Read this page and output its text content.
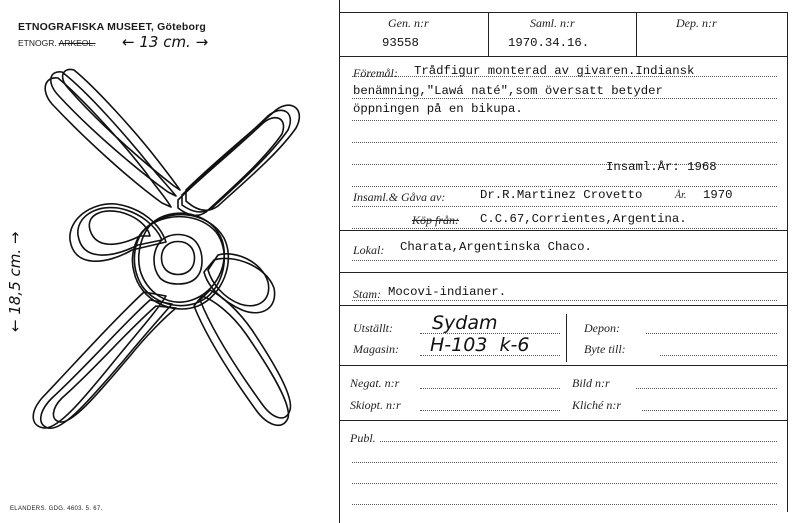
ETNOGRAFISKA MUSEET, Göteborg
ETNOGR. ARKEOL. ← 13 cm. →
← 18,5 cm. →
ELANDERS. GDG. 4603. 5. 67.
Gen. n:r
93558
Saml. n:r
1970.34.16.
Dep. n:r
Föremål: Trådfigur monterad av givaren.Indiansk
benämning,"Lawá naté",som översatt betyder
öppningen på en bikupa.
Insaml.År: 1968
Insaml.& Gåva av:	Dr.R.Martinez Crovetto	År. 1970
Köp från: C.C.67,Corrientes,Argentina.
Lokal: Charata,Argentinska Chaco.
Stam: Mocovi-indianer.
Utställt: Sydam
Magasin: H-103  k-6
Depon:
Byte till:
Negat. n:r
Skiopt. n:r
Bild n:r
Kliché n:r
Publ.
